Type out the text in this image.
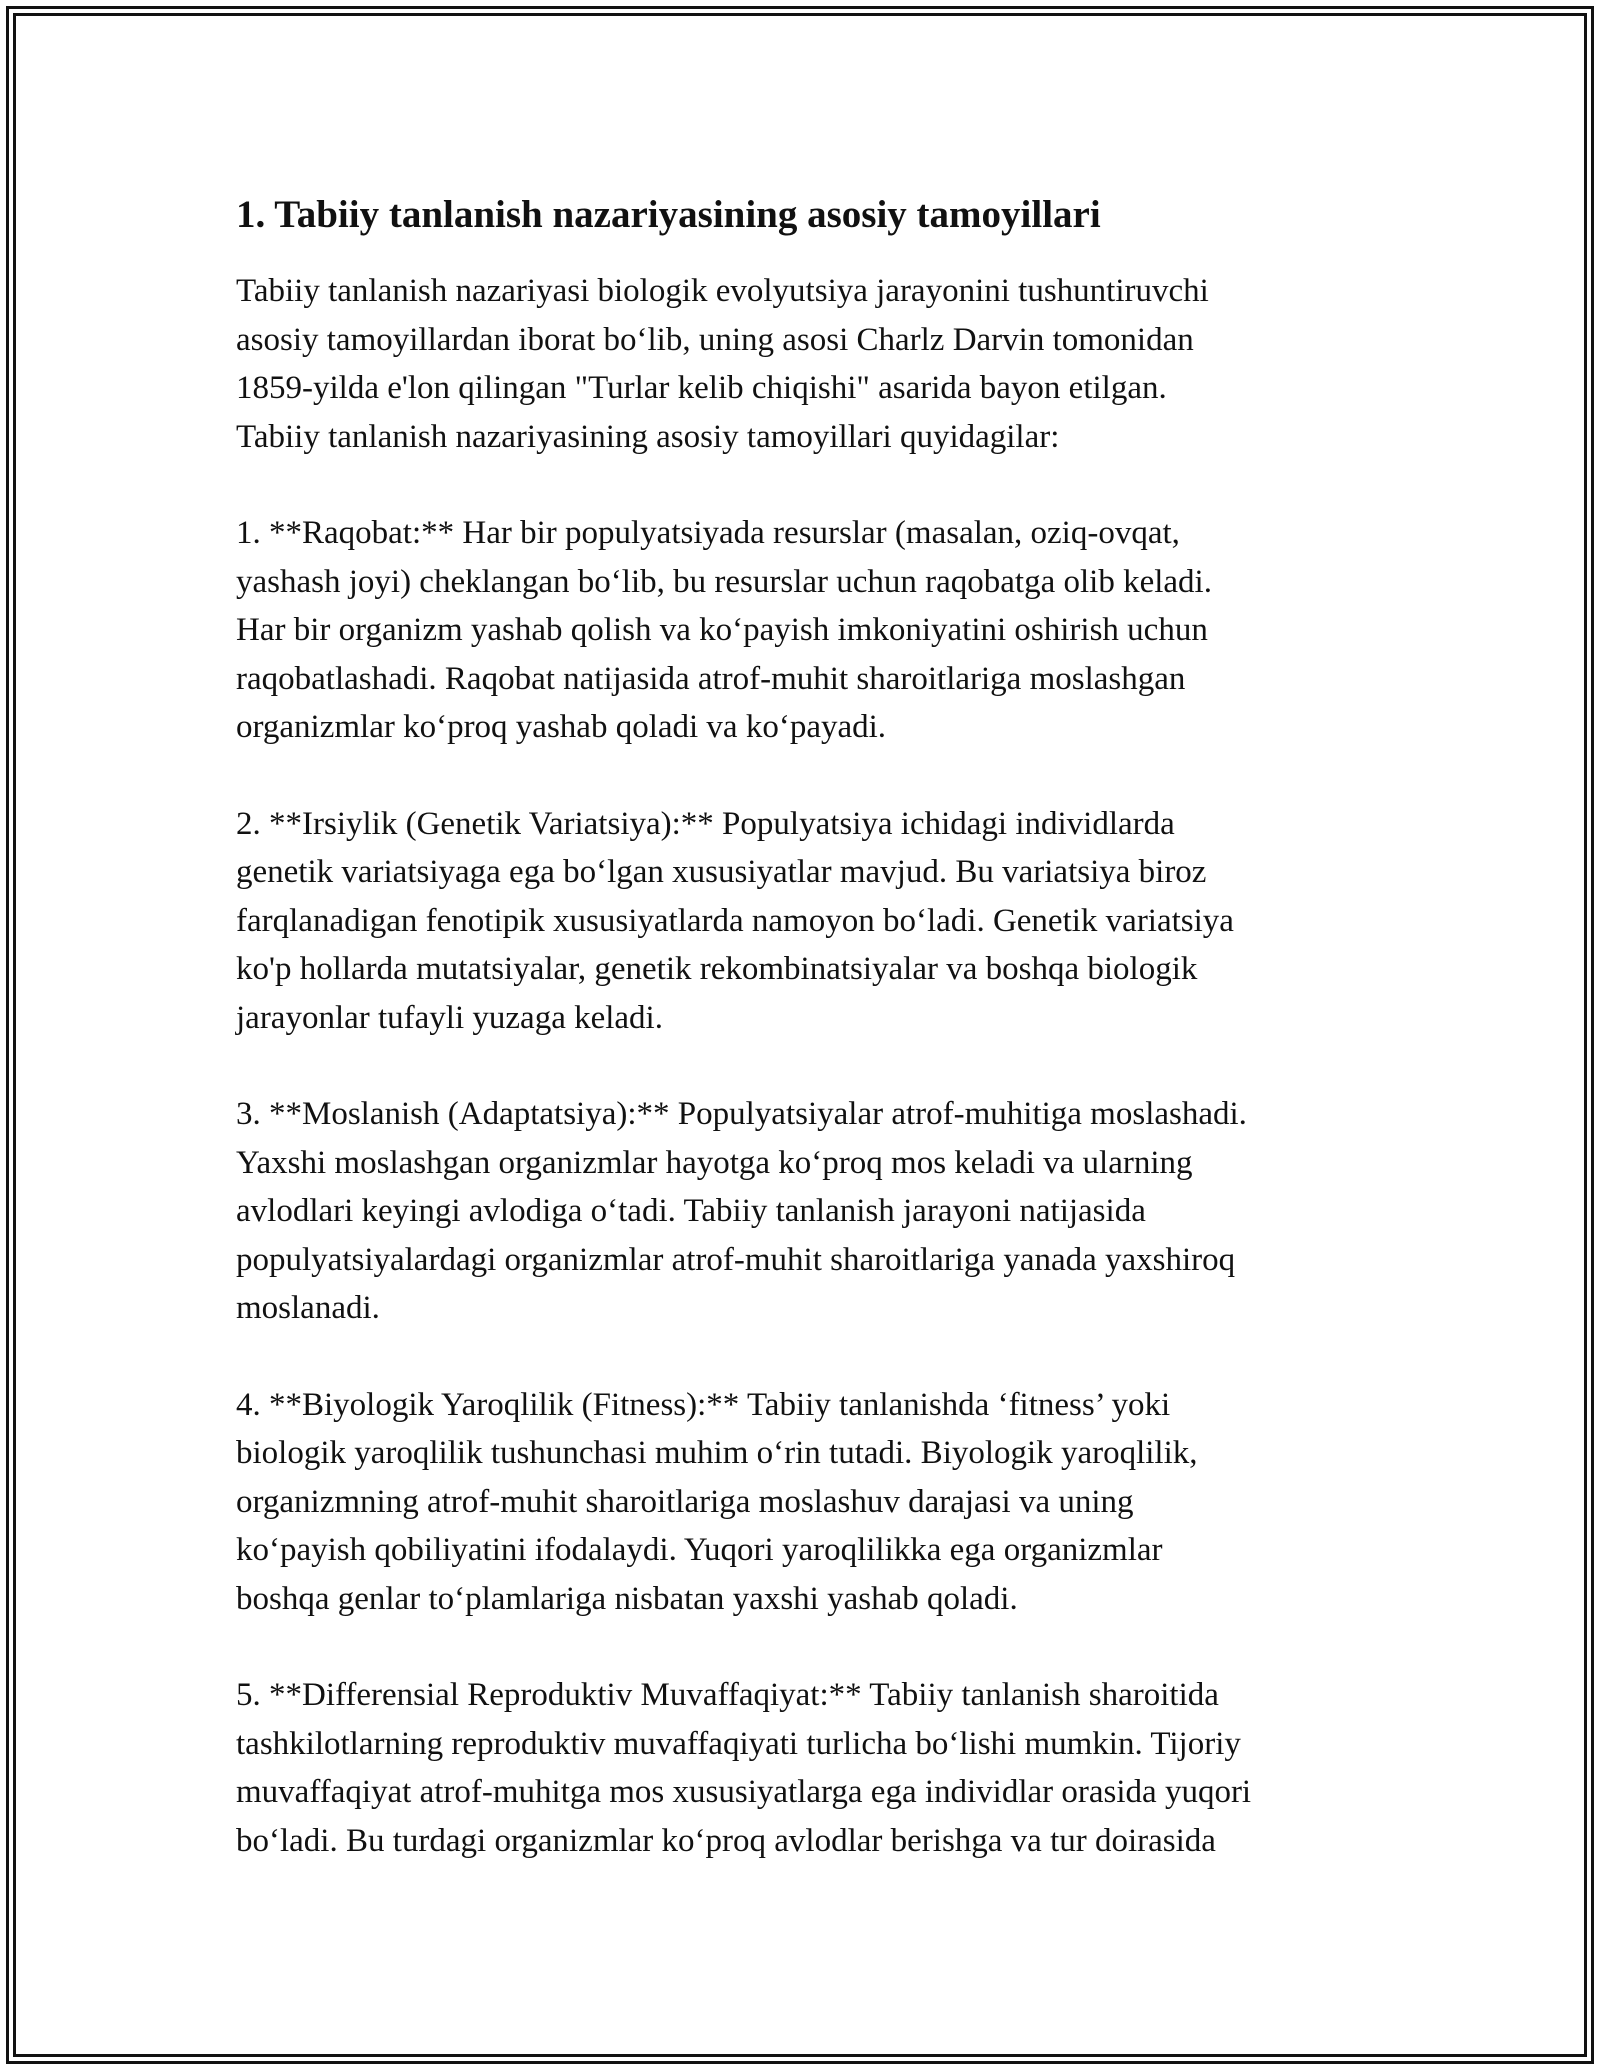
1. Tabiiy tanlanish nazariyasining asosiy tamoyillari

Tabiiy tanlanish nazariyasi biologik evolyutsiya jarayonini tushuntiruvchi
asosiy tamoyillardan iborat bo‘lib, uning asosi Charlz Darvin tomonidan
1859-yilda e'lon qilingan "Turlar kelib chiqishi" asarida bayon etilgan.
Tabiiy tanlanish nazariyasining asosiy tamoyillari quyidagilar:

1. **Raqobat:** Har bir populyatsiyada resurslar (masalan, oziq-ovqat,
yashash joyi) cheklangan bo‘lib, bu resurslar uchun raqobatga olib keladi.
Har bir organizm yashab qolish va ko‘payish imkoniyatini oshirish uchun
raqobatlashadi. Raqobat natijasida atrof-muhit sharoitlariga moslashgan
organizmlar ko‘proq yashab qoladi va ko‘payadi.

2. **Irsiylik (Genetik Variatsiya):** Populyatsiya ichidagi individlarda
genetik variatsiyaga ega bo‘lgan xususiyatlar mavjud. Bu variatsiya biroz
farqlanadigan fenotipik xususiyatlarda namoyon bo‘ladi. Genetik variatsiya
ko'p hollarda mutatsiyalar, genetik rekombinatsiyalar va boshqa biologik
jarayonlar tufayli yuzaga keladi.

3. **Moslanish (Adaptatsiya):** Populyatsiyalar atrof-muhitiga moslashadi.
Yaxshi moslashgan organizmlar hayotga ko‘proq mos keladi va ularning
avlodlari keyingi avlodiga o‘tadi. Tabiiy tanlanish jarayoni natijasida
populyatsiyalardagi organizmlar atrof-muhit sharoitlariga yanada yaxshiroq
moslanadi.

4. **Biyologik Yaroqlilik (Fitness):** Tabiiy tanlanishda ‘fitness’ yoki
biologik yaroqlilik tushunchasi muhim o‘rin tutadi. Biyologik yaroqlilik,
organizmning atrof-muhit sharoitlariga moslashuv darajasi va uning
ko‘payish qobiliyatini ifodalaydi. Yuqori yaroqlilikka ega organizmlar
boshqa genlar to‘plamlariga nisbatan yaxshi yashab qoladi.

5. **Differensial Reproduktiv Muvaffaqiyat:** Tabiiy tanlanish sharoitida
tashkilotlarning reproduktiv muvaffaqiyati turlicha bo‘lishi mumkin. Tijoriy
muvaffaqiyat atrof-muhitga mos xususiyatlarga ega individlar orasida yuqori
bo‘ladi. Bu turdagi organizmlar ko‘proq avlodlar berishga va tur doirasida
